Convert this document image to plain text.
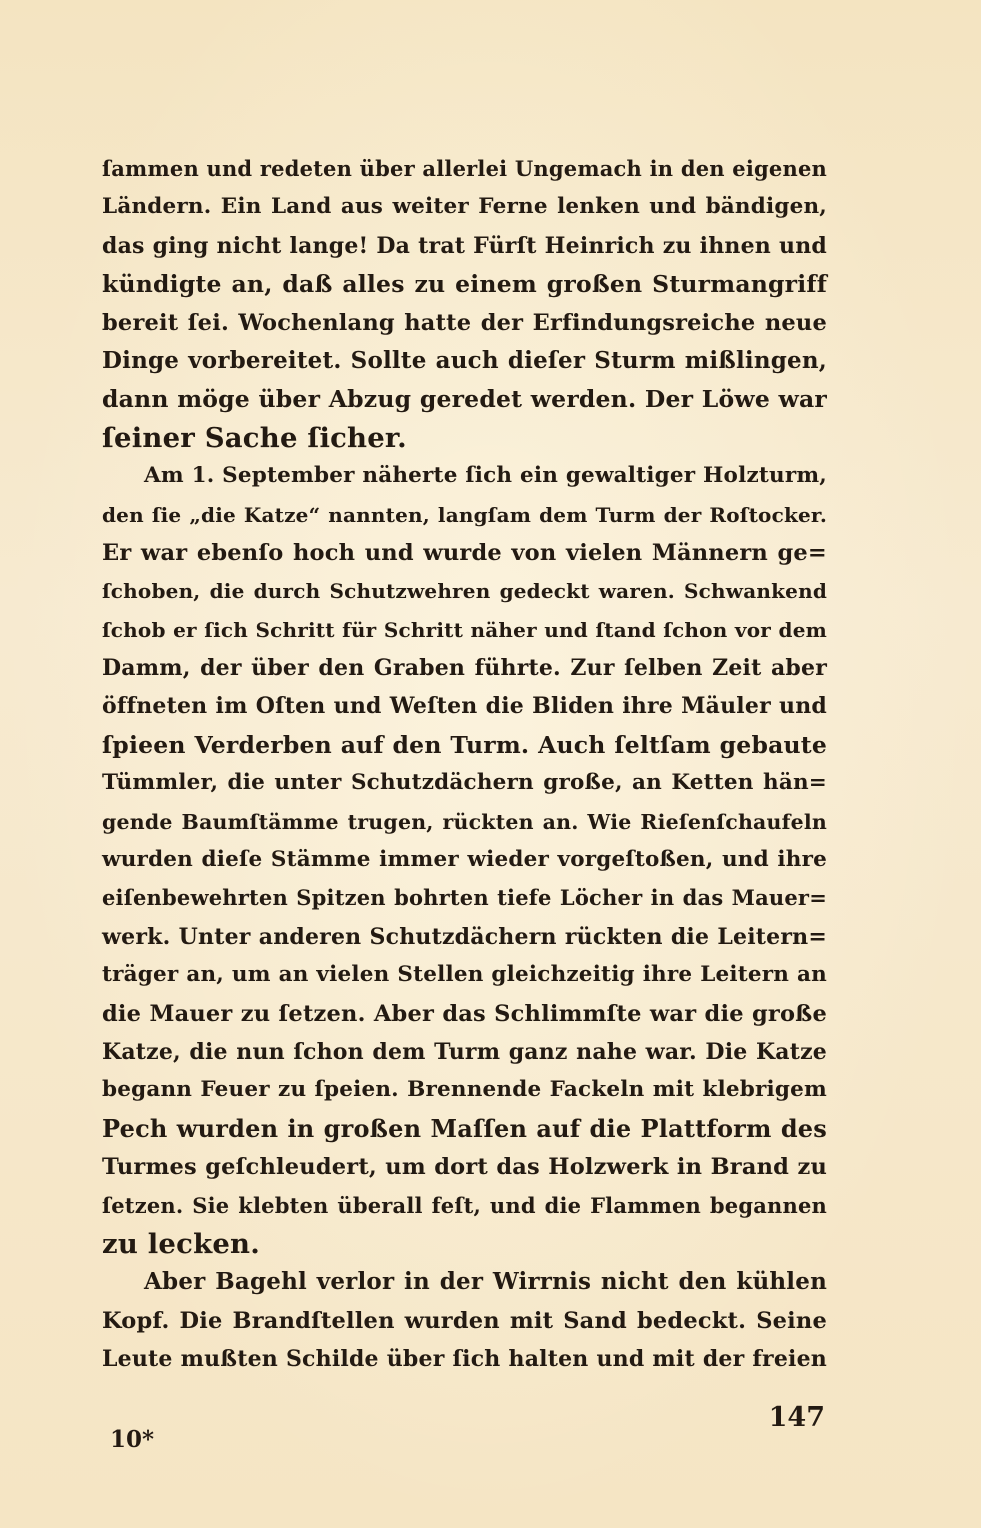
ſammen und redeten über allerlei Ungemach in den eigenen
Ländern. Ein Land aus weiter Ferne lenken und bändigen,
das ging nicht lange! Da trat Fürſt Heinrich zu ihnen und
kündigte an, daß alles zu einem großen Sturmangriff
bereit ſei. Wochenlang hatte der Erfindungsreiche neue
Dinge vorbereitet. Sollte auch dieſer Sturm mißlingen,
dann möge über Abzug geredet werden. Der Löwe war
ſeiner Sache ſicher.
Am 1. September näherte ſich ein gewaltiger Holzturm,
den ſie „die Katze“ nannten, langſam dem Turm der Roſtocker.
Er war ebenſo hoch und wurde von vielen Männern ge=
ſchoben, die durch Schutzwehren gedeckt waren. Schwankend
ſchob er ſich Schritt für Schritt näher und ſtand ſchon vor dem
Damm, der über den Graben führte. Zur ſelben Zeit aber
öffneten im Oſten und Weſten die Bliden ihre Mäuler und
ſpieen Verderben auf den Turm. Auch ſeltſam gebaute
Tümmler, die unter Schutzdächern große, an Ketten hän=
gende Baumſtämme trugen, rückten an. Wie Rieſenſchaufeln
wurden dieſe Stämme immer wieder vorgeſtoßen, und ihre
eiſenbewehrten Spitzen bohrten tiefe Löcher in das Mauer=
werk. Unter anderen Schutzdächern rückten die Leitern=
träger an, um an vielen Stellen gleichzeitig ihre Leitern an
die Mauer zu ſetzen. Aber das Schlimmſte war die große
Katze, die nun ſchon dem Turm ganz nahe war. Die Katze
begann Feuer zu ſpeien. Brennende Fackeln mit klebrigem
Pech wurden in großen Maſſen auf die Plattform des
Turmes geſchleudert, um dort das Holzwerk in Brand zu
ſetzen. Sie klebten überall feſt, und die Flammen begannen
zu lecken.
Aber Bagehl verlor in der Wirrnis nicht den kühlen
Kopf. Die Brandſtellen wurden mit Sand bedeckt. Seine
Leute mußten Schilde über ſich halten und mit der freien
147
10*
